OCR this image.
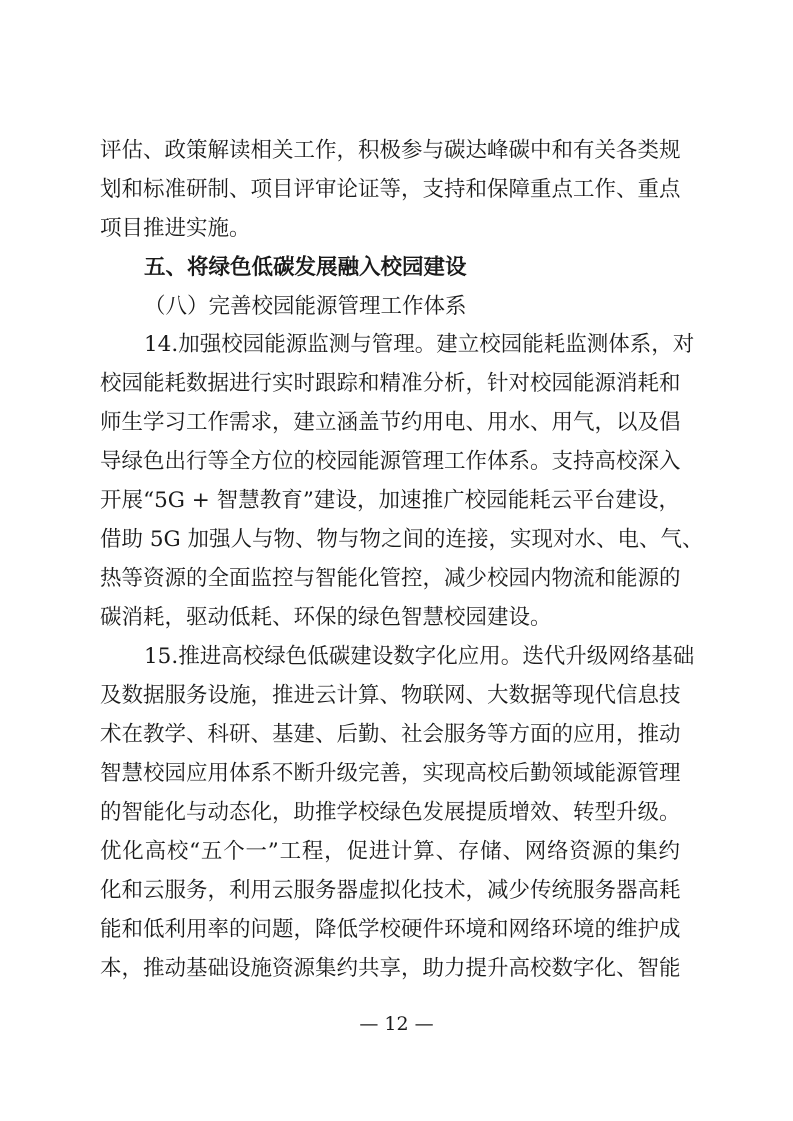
评估、政策解读相关工作，积极参与碳达峰碳中和有关各类规
划和标准研制、项目评审论证等，支持和保障重点工作、重点
项目推进实施。
五、将绿色低碳发展融入校园建设
（八）完善校园能源管理工作体系
14.加强校园能源监测与管理。建立校园能耗监测体系，对
校园能耗数据进行实时跟踪和精准分析，针对校园能源消耗和
师生学习工作需求，建立涵盖节约用电、用水、用气，以及倡
导绿色出行等全方位的校园能源管理工作体系。支持高校深入
开展“5G + 智慧教育”建设，加速推广校园能耗云平台建设，
借助 5G 加强人与物、物与物之间的连接，实现对水、电、气、
热等资源的全面监控与智能化管控，减少校园内物流和能源的
碳消耗，驱动低耗、环保的绿色智慧校园建设。
15.推进高校绿色低碳建设数字化应用。迭代升级网络基础
及数据服务设施，推进云计算、物联网、大数据等现代信息技
术在教学、科研、基建、后勤、社会服务等方面的应用，推动
智慧校园应用体系不断升级完善，实现高校后勤领域能源管理
的智能化与动态化，助推学校绿色发展提质增效、转型升级。
优化高校“五个一”工程，促进计算、存储、网络资源的集约
化和云服务，利用云服务器虚拟化技术，减少传统服务器高耗
能和低利用率的问题，降低学校硬件环境和网络环境的维护成
本，推动基础设施资源集约共享，助力提升高校数字化、智能
— 12 —
